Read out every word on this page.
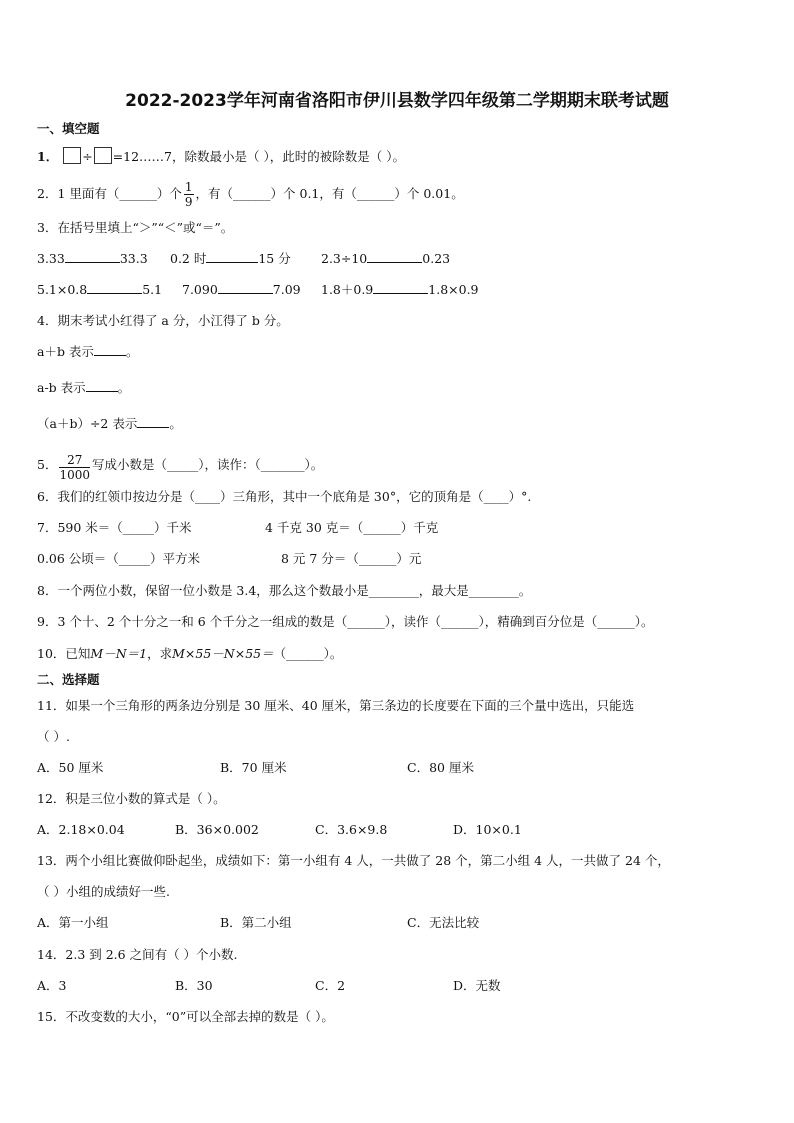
2022-2023学年河南省洛阳市伊川县数学四年级第二学期期末联考试题
一、填空题
1． ÷ =12……7，除数最小是（ ），此时的被除数是（ ）。
2．1 里面有（______）个 $\frac{1}{9}$ ，有（______）个 0.1，有（______）个 0.01。
3．在括号里填上“＞”“＜”或“＝”。
3.33	33.3 0.2 时	15 分 2.3÷10	0.23
5.1×0.8	5.1 7.090	7.09 1.8＋0.9	1.8×0.9
4．期末考试小红得了 a 分，小江得了 b 分。
a＋b 表示	。
a-b 表示	。
（a＋b）÷2 表示	。
5． $\frac{27}{1000}$ 写成小数是（_____），读作：（_______）。
6．我们的红领巾按边分是（____）三角形，其中一个底角是 30°，它的顶角是（____）°.
7．590 米＝（_____）千米	4 千克 30 克＝（______）千克
0.06 公顷＝（_____）平方米	8 元 7 分＝（______）元
8．一个两位小数，保留一位小数是 3.4，那么这个数最小是________，最大是________。
9．3 个十、2 个十分之一和 6 个千分之一组成的数是（______），读作（______），精确到百分位是（______）。
10．已知M－N＝1，求M×55－N×55＝（______）。
二、选择题
11．如果一个三角形的两条边分别是 30 厘米、40 厘米，第三条边的长度要在下面的三个量中选出，只能选
（ ）.
A．50 厘米	B．70 厘米	C．80 厘米
12．积是三位小数的算式是（ ）。
A．2.18×0.04	B．36×0.002	C．3.6×9.8	D．10×0.1
13．两个小组比赛做仰卧起坐，成绩如下：第一小组有 4 人，一共做了 28 个，第二小组 4 人，一共做了 24 个，
（ ）小组的成绩好一些.
A．第一小组	B．第二小组	C．无法比较
14．2.3 到 2.6 之间有（ ）个小数.
A．3	B．30	C．2	D．无数
15．不改变数的大小，“0”可以全部去掉的数是（ ）。
